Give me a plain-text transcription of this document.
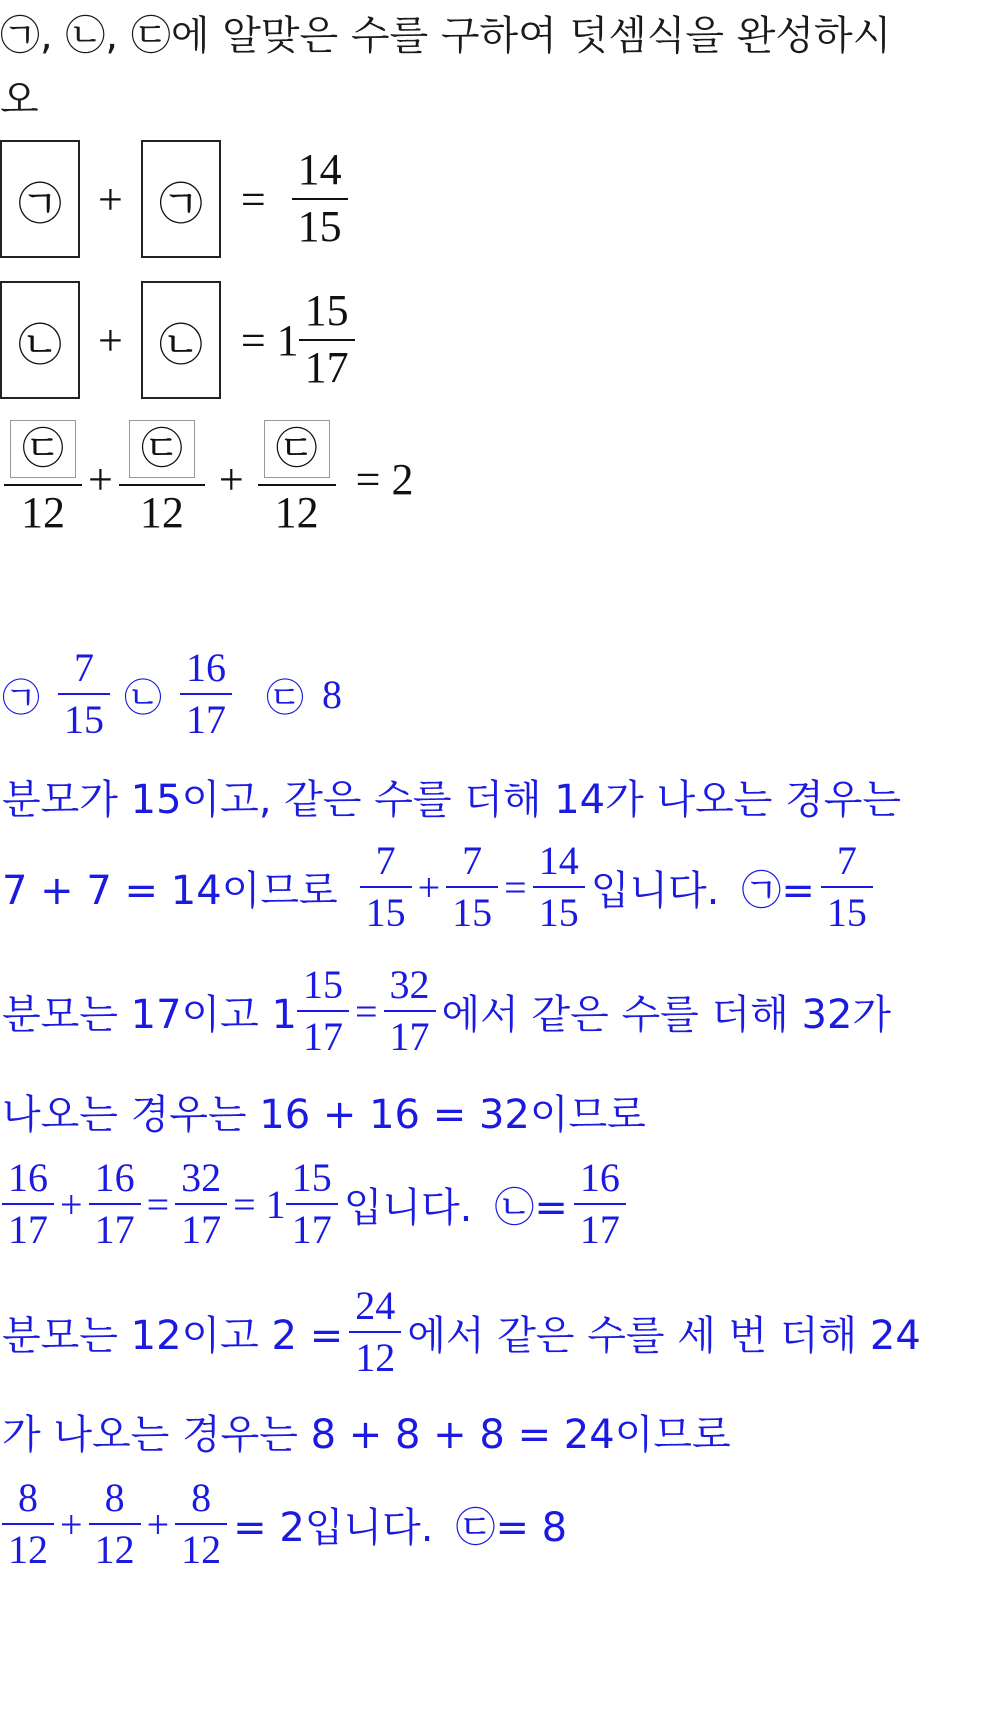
㉠, ㉡, ㉢에 알맞은 수를 구하여 덧셈식을 완성하시
오
㉠ + ㉠ = $\frac{14}{15}$
㉡ + ㉡ = $1 \frac{15}{17}$
$\frac{㉢}{12} + \frac{㉢}{12} + \frac{㉢}{12} = 2$
㉠ $\frac{7}{15}$ ㉡ $\frac{16}{17}$ ㉢ 8
분모가 15이고, 같은 수를 더해 14가 나오는 경우는
7 + 7 = 14이므로 $\frac{7}{15} + \frac{7}{15} = \frac{14}{15}$ 입니다. ㉠= $\frac{7}{15}$
분모는 17이고 $1 \frac{15}{17} = \frac{32}{17}$ 에서 같은 수를 더해 32가
나오는 경우는 16 + 16 = 32이므로
$\frac{16}{17} + \frac{16}{17} = \frac{32}{17} = 1 \frac{15}{17}$ 입니다. ㉡= $\frac{16}{17}$
분모는 12이고 $2 = \frac{24}{12}$ 에서 같은 수를 세 번 더해 24
가 나오는 경우는 8 + 8 + 8 = 24이므로
$\frac{8}{12} + \frac{8}{12} + \frac{8}{12} = 2$입니다. ㉢= 8
